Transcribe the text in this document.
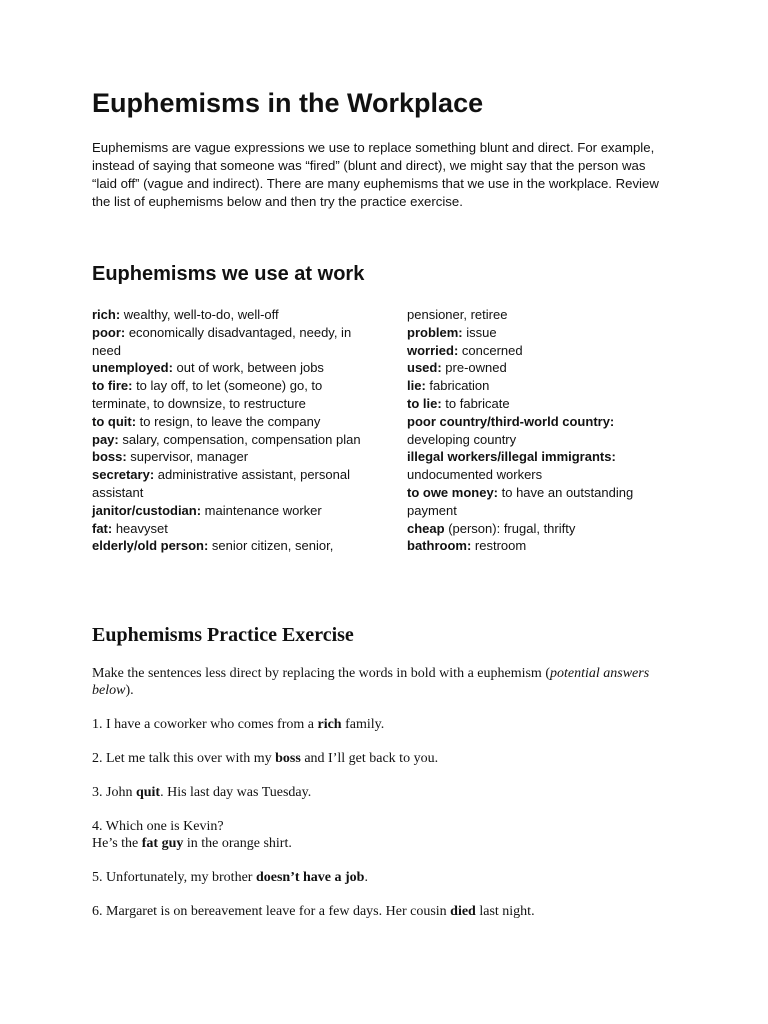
Euphemisms in the Workplace

Euphemisms are vague expressions we use to replace something blunt and direct. For example, instead of saying that someone was “fired” (blunt and direct), we might say that the person was “laid off” (vague and indirect). There are many euphemisms that we use in the workplace. Review the list of euphemisms below and then try the practice exercise.

Euphemisms we use at work
rich: wealthy, well-to-do, well-off
poor: economically disadvantaged, needy, in need
unemployed: out of work, between jobs
to fire: to lay off, to let (someone) go, to terminate, to downsize, to restructure
to quit: to resign, to leave the company
pay: salary, compensation, compensation plan
boss: supervisor, manager
secretary: administrative assistant, personal assistant
janitor/custodian: maintenance worker
fat: heavyset
elderly/old person: senior citizen, senior,
pensioner, retiree
problem: issue
worried: concerned
used: pre-owned
lie: fabrication
to lie: to fabricate
poor country/third-world country: developing country
illegal workers/illegal immigrants: undocumented workers
to owe money: to have an outstanding payment
cheap (person): frugal, thrifty
bathroom: restroom
Euphemisms Practice Exercise

Make the sentences less direct by replacing the words in bold with a euphemism (potential answers below).

1. I have a coworker who comes from a rich family.

2. Let me talk this over with my boss and I’ll get back to you.

3. John quit. His last day was Tuesday.

4. Which one is Kevin?

He’s the fat guy in the orange shirt.

5. Unfortunately, my brother doesn’t have a job.

6. Margaret is on bereavement leave for a few days. Her cousin died last night.
